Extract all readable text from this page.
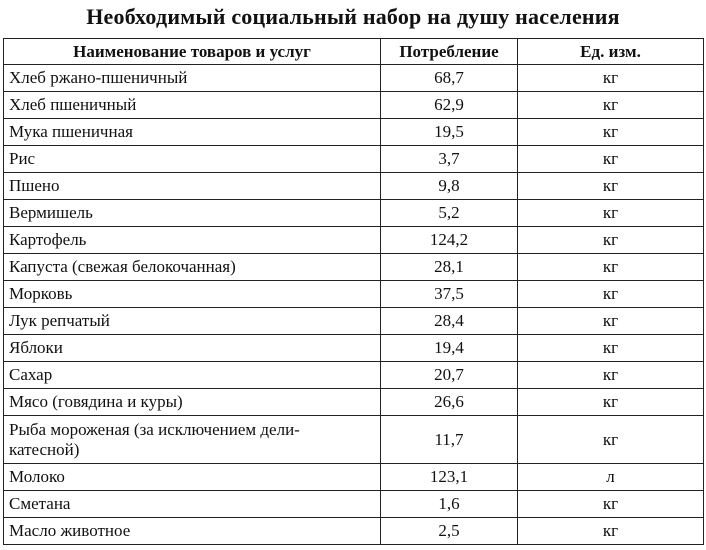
Необходимый социальный набор на душу населения
Наименование товаров и услуг	Потребление	Ед. изм.
Хлеб ржано-пшеничный	68,7	кг
Хлеб пшеничный	62,9	кг
Мука пшеничная	19,5	кг
Рис	3,7	кг
Пшено	9,8	кг
Вермишель	5,2	кг
Картофель	124,2	кг
Капуста (свежая белокочанная)	28,1	кг
Морковь	37,5	кг
Лук репчатый	28,4	кг
Яблоки	19,4	кг
Сахар	20,7	кг
Мясо (говядина и куры)	26,6	кг

Рыба мороженая (за исключением дели-
катесной)	11,7	кг
Молоко	123,1	л
Сметана	1,6	кг
Масло животное	2,5	кг
